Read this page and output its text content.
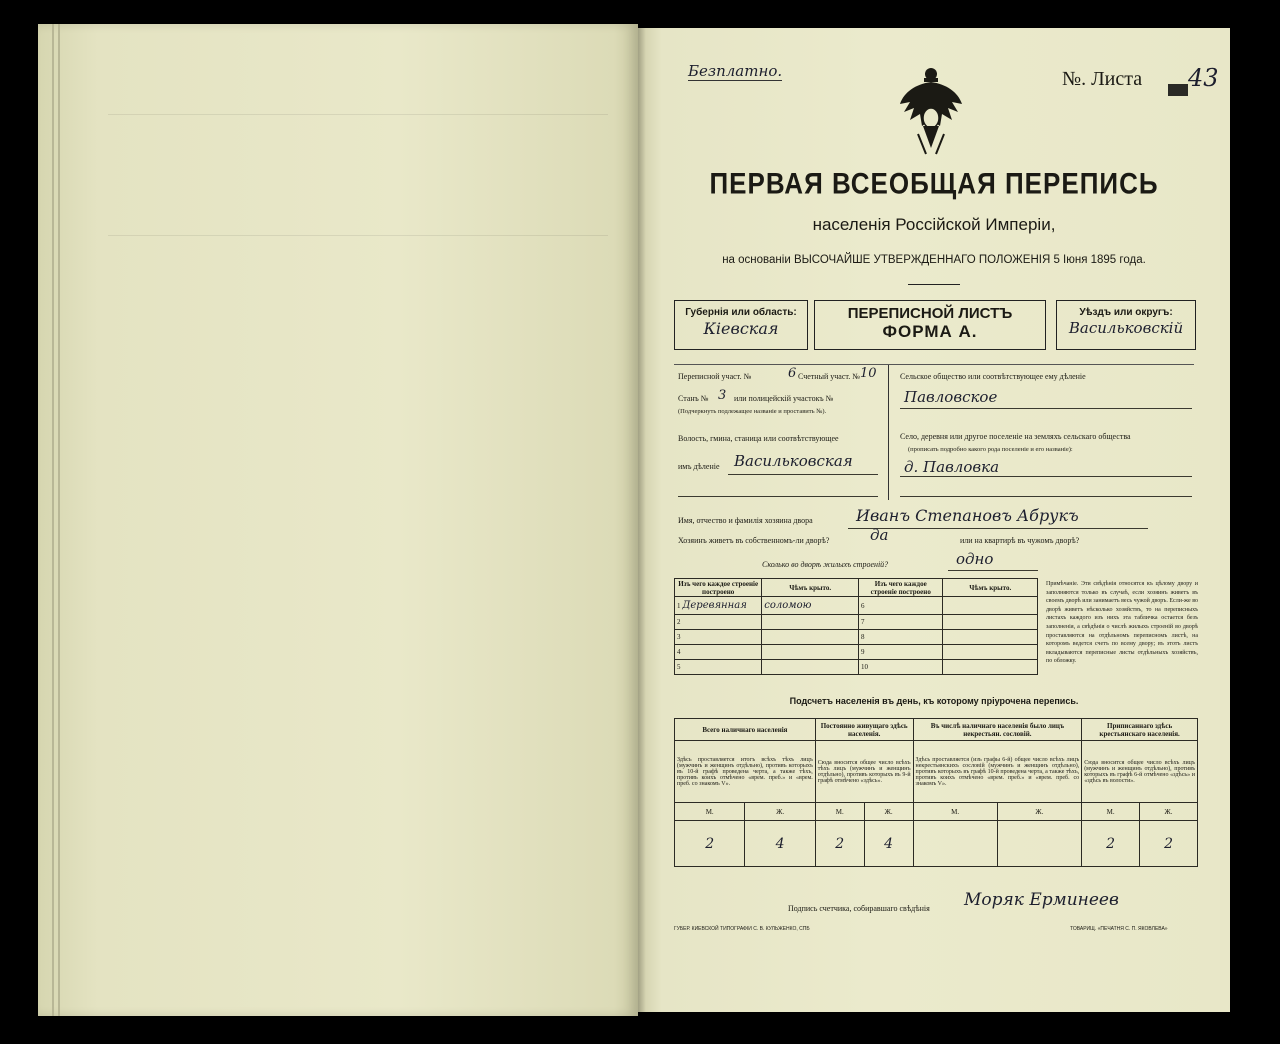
Безплатно.	№. Листа 43
ПЕРВАЯ ВСЕОБЩАЯ ПЕРЕПИСЬ
населенія Россійской Имперіи,
на основаніи ВЫСОЧАЙШЕ УТВЕРЖДЕННАГО ПОЛОЖЕНІЯ 5 Іюня 1895 года.
Губернія или область:
Кіевская
ПЕРЕПИСНОЙ ЛИСТЪ
ФОРМА А.
Уѣздъ или округъ:
Васильковскій
Переписной участ. №	6 Счетный участ. № 10
Станъ № 3 или полицейскій участокъ №
(Подчеркнуть подлежащее названіе и проставить №).
Волость, гмина, станица или соотвѣтствующее
имъ дѣленіе Васильковская
Сельское общество или соотвѣтствующее ему дѣленіе
Павловское
Село, деревня или другое поселеніе на земляхъ сельскаго общества
(прописать подробно какого рода поселеніе и его названіе):
д. Павловка
Имя, отчество и фамилія хозяина двора	Иванъ Степановъ Абрукъ
Хозяинъ живетъ въ собственномъ-ли дворѣ?	да	или на квартирѣ въ чужомъ дворѣ?
Сколько во дворѣ жилыхъ строеній?	одно
Изъ чего каждое строеніе построено	Чѣмъ крыто.	Изъ чего каждое строеніе построено	Чѣмъ крыто.
1 Деревянная	соломою	6	
2		7	
3		8	
4		9	
5		10	
Примѣчаніе. Эти свѣдѣнія относятся къ цѣлому двору и заполняются только въ случаѣ, если хозяинъ живетъ въ своемъ дворѣ или занимаетъ весь чужой дворъ. Если-же во дворѣ живетъ нѣсколько хозяйствъ, то на переписныхъ листахъ каждого изъ нихъ эта табличка остается безъ заполненія, а свѣдѣнія о числѣ жилыхъ строеній во дворѣ проставляются на отдѣльномъ переписномъ листѣ, на которомъ ведется счетъ по всему двору; въ этотъ листъ вкладываются переписные листы отдѣльныхъ хозяйствъ, по обложку.
Подсчетъ населенія въ день, къ которому пріурочена перепись.
Всего наличнаго населенія		Постоянно живущаго здѣсь населенія.		Въ числѣ наличнаго населенія было лицъ некрестьян. сословій.		Приписаннаго здѣсь крестьянскаго населенія.	
Здѣсь проставляется итогъ всѣхъ тѣхъ лицъ (мужчинъ и женщинъ отдѣльно), противъ которыхъ въ 10-й графѣ проведена черта, а также тѣхъ, противъ коихъ отмѣчено «врем. преб.» и «врем. преб. со знакомъ V».		Сюда вносится общее число всѣхъ тѣхъ лицъ (мужчинъ и женщинъ отдѣльно), противъ которыхъ въ 9-й графѣ отмѣчено «здѣсь».		Здѣсь проставляется (изъ графы 6-й) общее число всѣхъ лицъ некрестьянскихъ сословій (мужчинъ и женщинъ отдѣльно), противъ которыхъ въ графѣ 10-й проведена черта, а также тѣхъ, противъ коихъ отмѣчено «врем. преб.» и «врем. преб. со знакомъ V».		Сюда вносится общее число всѣхъ лицъ (мужчинъ и женщинъ отдѣльно), противъ которыхъ въ графѣ 6-й отмѣчено «здѣсь» и «здѣсь въ волости».	
М.	Ж.	М.	Ж.	М.	Ж.	М.	Ж.
2	4	2	4			2	2
Подпись счетчика, собиравшаго свѣдѣнія Моряк Ерминеев
ГУБЕР. КИЕВСКОЙ ТИПОГРАФІИ С. В. КУЛЬЖЕНКО, СПБ	ТОВАРИЩ. «ПЕЧАТНЯ С. П. ЯКОВЛЕВА»
